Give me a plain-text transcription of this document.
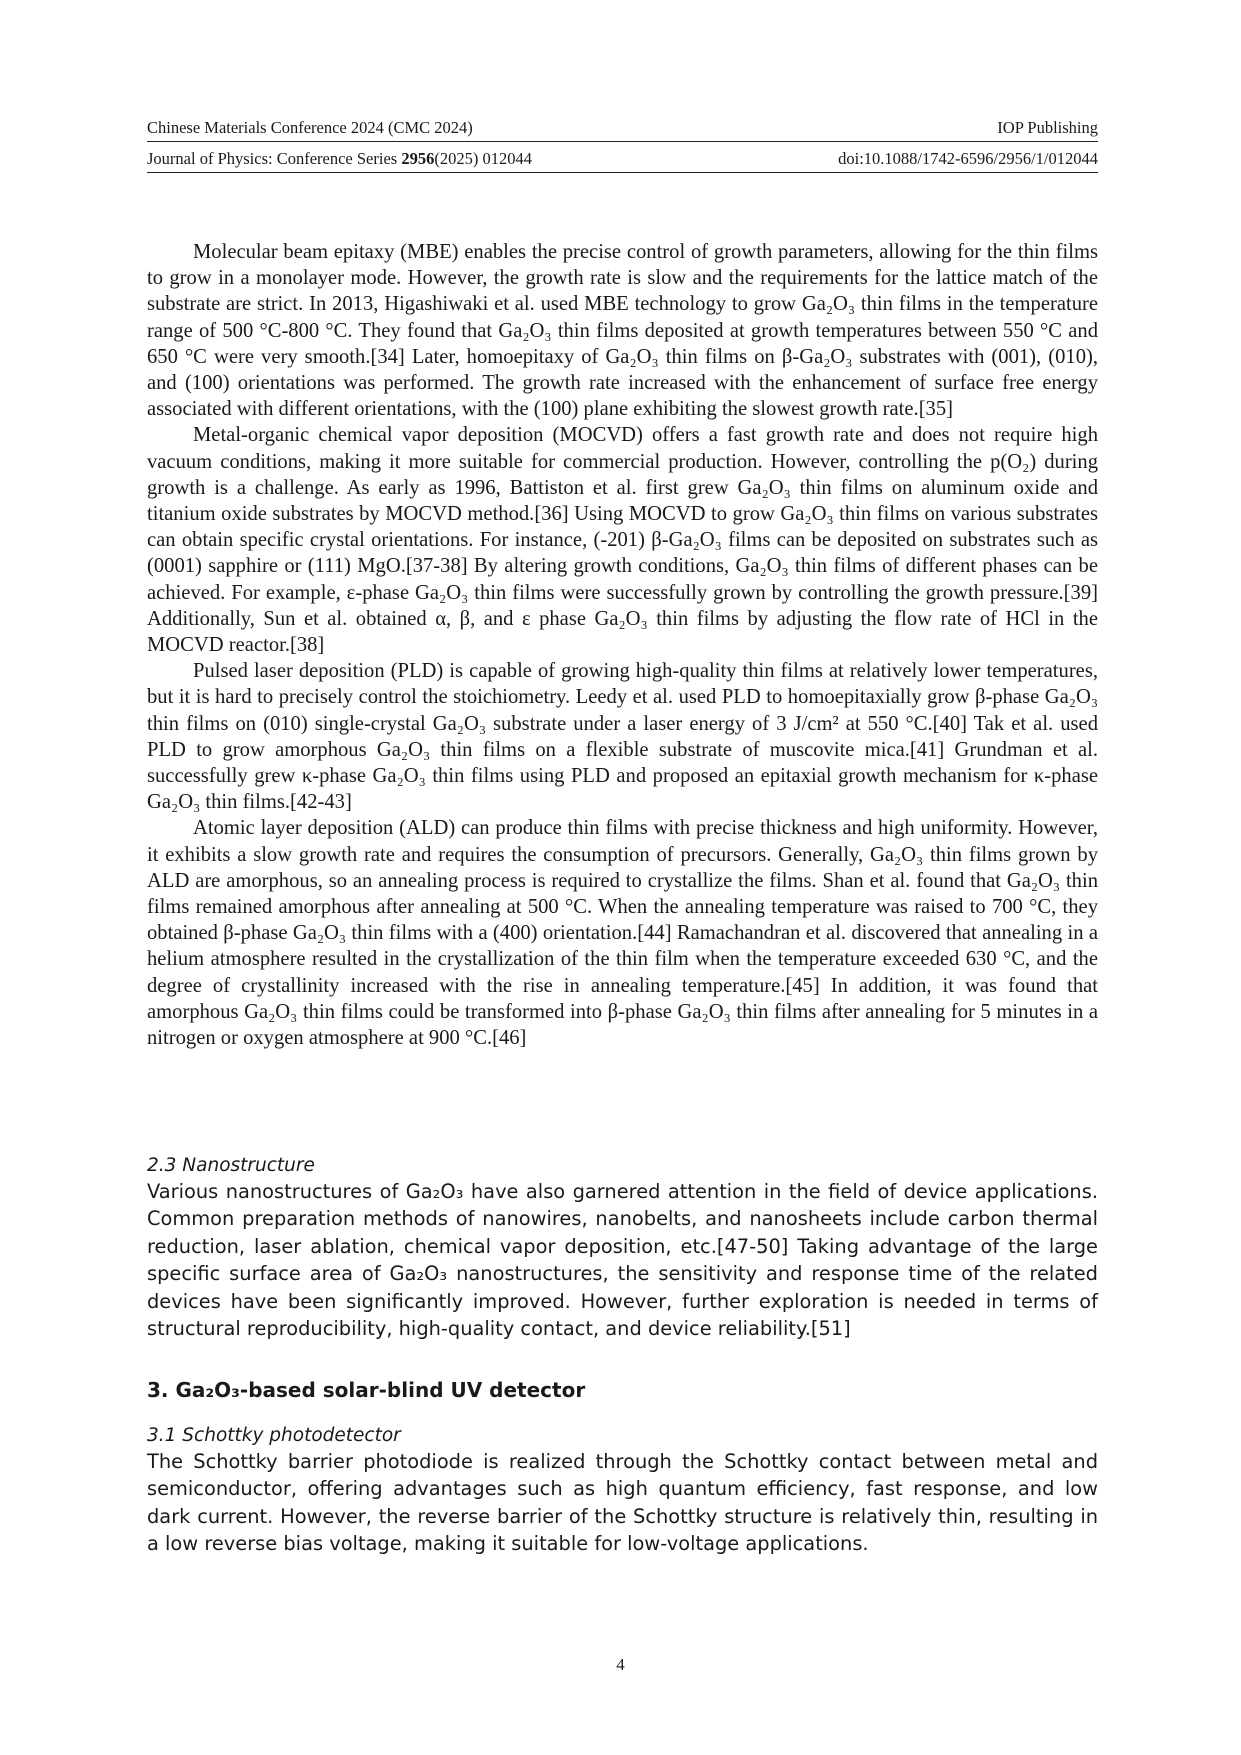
Chinese Materials Conference 2024 (CMC 2024)	IOP Publishing
Journal of Physics: Conference Series 2956(2025) 012044	doi:10.1088/1742-6596/2956/1/012044

Molecular beam epitaxy (MBE) enables the precise control of growth parameters, allowing for the thin films to grow in a monolayer mode. However, the growth rate is slow and the requirements for the lattice match of the substrate are strict. In 2013, Higashiwaki et al. used MBE technology to grow Ga₂O₃ thin films in the temperature range of 500 °C-800 °C. They found that Ga₂O₃ thin films deposited at growth temperatures between 550 °C and 650 °C were very smooth.[34] Later, homoepitaxy of Ga₂O₃ thin films on β-Ga₂O₃ substrates with (001), (010), and (100) orientations was performed. The growth rate increased with the enhancement of surface free energy associated with different orientations, with the (100) plane exhibiting the slowest growth rate.[35]

Metal-organic chemical vapor deposition (MOCVD) offers a fast growth rate and does not require high vacuum conditions, making it more suitable for commercial production. However, controlling the p(O₂) during growth is a challenge. As early as 1996, Battiston et al. first grew Ga₂O₃ thin films on aluminum oxide and titanium oxide substrates by MOCVD method.[36] Using MOCVD to grow Ga₂O₃ thin films on various substrates can obtain specific crystal orientations. For instance, (-201) β-Ga₂O₃ films can be deposited on substrates such as (0001) sapphire or (111) MgO.[37-38] By altering growth conditions, Ga₂O₃ thin films of different phases can be achieved. For example, ε-phase Ga₂O₃ thin films were successfully grown by controlling the growth pressure.[39] Additionally, Sun et al. obtained α, β, and ε phase Ga₂O₃ thin films by adjusting the flow rate of HCl in the MOCVD reactor.[38]

Pulsed laser deposition (PLD) is capable of growing high-quality thin films at relatively lower temperatures, but it is hard to precisely control the stoichiometry. Leedy et al. used PLD to homoepitaxially grow β-phase Ga₂O₃ thin films on (010) single-crystal Ga₂O₃ substrate under a laser energy of 3 J/cm² at 550 °C.[40] Tak et al. used PLD to grow amorphous Ga₂O₃ thin films on a flexible substrate of muscovite mica.[41] Grundman et al. successfully grew κ-phase Ga₂O₃ thin films using PLD and proposed an epitaxial growth mechanism for κ-phase Ga₂O₃ thin films.[42-43]

Atomic layer deposition (ALD) can produce thin films with precise thickness and high uniformity. However, it exhibits a slow growth rate and requires the consumption of precursors. Generally, Ga₂O₃ thin films grown by ALD are amorphous, so an annealing process is required to crystallize the films. Shan et al. found that Ga₂O₃ thin films remained amorphous after annealing at 500 °C. When the annealing temperature was raised to 700 °C, they obtained β-phase Ga₂O₃ thin films with a (400) orientation.[44] Ramachandran et al. discovered that annealing in a helium atmosphere resulted in the crystallization of the thin film when the temperature exceeded 630 °C, and the degree of crystallinity increased with the rise in annealing temperature.[45] In addition, it was found that amorphous Ga₂O₃ thin films could be transformed into β-phase Ga₂O₃ thin films after annealing for 5 minutes in a nitrogen or oxygen atmosphere at 900 °C.[46]

2.3 Nanostructure

Various nanostructures of Ga₂O₃ have also garnered attention in the field of device applications. Common preparation methods of nanowires, nanobelts, and nanosheets include carbon thermal reduction, laser ablation, chemical vapor deposition, etc.[47-50] Taking advantage of the large specific surface area of Ga₂O₃ nanostructures, the sensitivity and response time of the related devices have been significantly improved. However, further exploration is needed in terms of structural reproducibility, high-quality contact, and device reliability.[51]

3. Ga₂O₃-based solar-blind UV detector

3.1 Schottky photodetector

The Schottky barrier photodiode is realized through the Schottky contact between metal and semiconductor, offering advantages such as high quantum efficiency, fast response, and low dark current. However, the reverse barrier of the Schottky structure is relatively thin, resulting in a low reverse bias voltage, making it suitable for low-voltage applications.

4
